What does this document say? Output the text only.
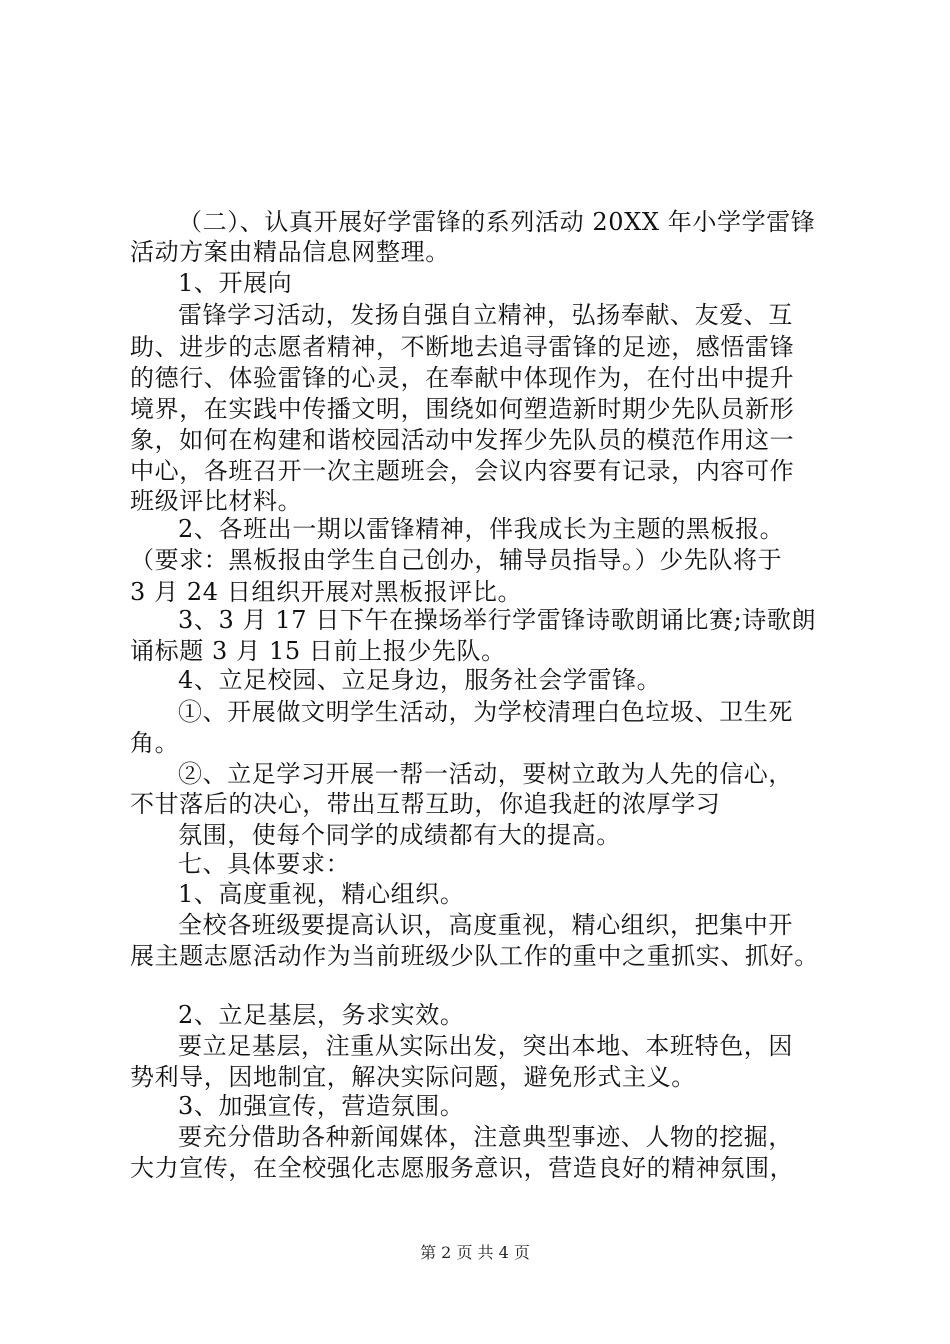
（二）、认真开展好学雷锋的系列活动 20XX 年小学学雷锋
活动方案由精品信息网整理。
1、开展向
雷锋学习活动，发扬自强自立精神，弘扬奉献、友爱、互
助、进步的志愿者精神，不断地去追寻雷锋的足迹，感悟雷锋
的德行、体验雷锋的心灵，在奉献中体现作为，在付出中提升
境界，在实践中传播文明，围绕如何塑造新时期少先队员新形
象，如何在构建和谐校园活动中发挥少先队员的模范作用这一
中心，各班召开一次主题班会，会议内容要有记录，内容可作
班级评比材料。
2、各班出一期以雷锋精神，伴我成长为主题的黑板报。
（要求：黑板报由学生自己创办，辅导员指导。）少先队将于
3 月 24 日组织开展对黑板报评比。
3、3 月 17 日下午在操场举行学雷锋诗歌朗诵比赛;诗歌朗
诵标题 3 月 15 日前上报少先队。
4、立足校园、立足身边，服务社会学雷锋。
①、开展做文明学生活动，为学校清理白色垃圾、卫生死
角。
②、立足学习开展一帮一活动，要树立敢为人先的信心，
不甘落后的决心，带出互帮互助，你追我赶的浓厚学习
氛围，使每个同学的成绩都有大的提高。
七、具体要求：
1、高度重视，精心组织。
全校各班级要提高认识，高度重视，精心组织，把集中开
展主题志愿活动作为当前班级少队工作的重中之重抓实、抓好。
2、立足基层，务求实效。
要立足基层，注重从实际出发，突出本地、本班特色，因
势利导，因地制宜，解决实际问题，避免形式主义。
3、加强宣传，营造氛围。
要充分借助各种新闻媒体，注意典型事迹、人物的挖掘，
大力宣传，在全校强化志愿服务意识，营造良好的精神氛围，
第 2 页 共 4 页
